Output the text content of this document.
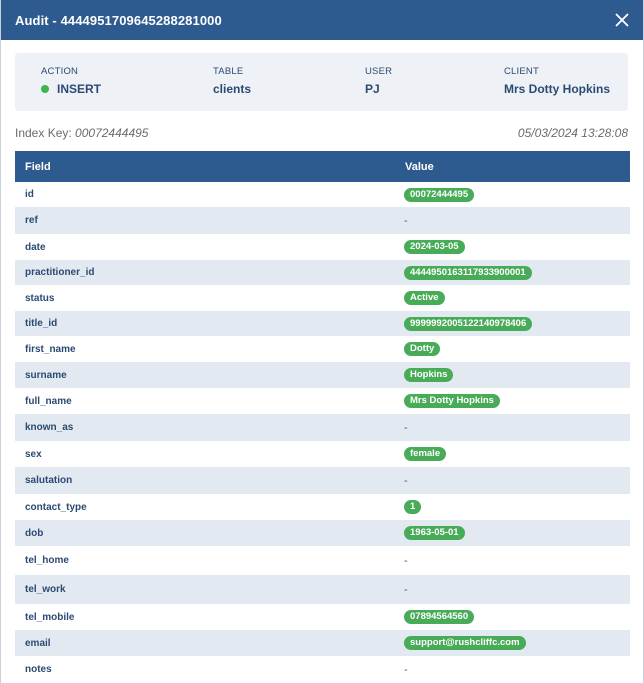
Audit - 4444951709645288281000
ACTION
INSERT
TABLE
clients
USER
PJ
CLIENT
Mrs Dotty Hopkins
Index Key: 00072444495	05/03/2024 13:28:08
Field	Value
id	00072444495
ref	-
date	2024-03-05
practitioner_id	4444950163117933900001
status	Active
title_id	9999992005122140978406
first_name	Dotty
surname	Hopkins
full_name	Mrs Dotty Hopkins
known_as	-
sex	female
salutation	-
contact_type	1
dob	1963-05-01
tel_home	-
tel_work	-
tel_mobile	07894564560
email	support@rushcliffc.com
notes	-
